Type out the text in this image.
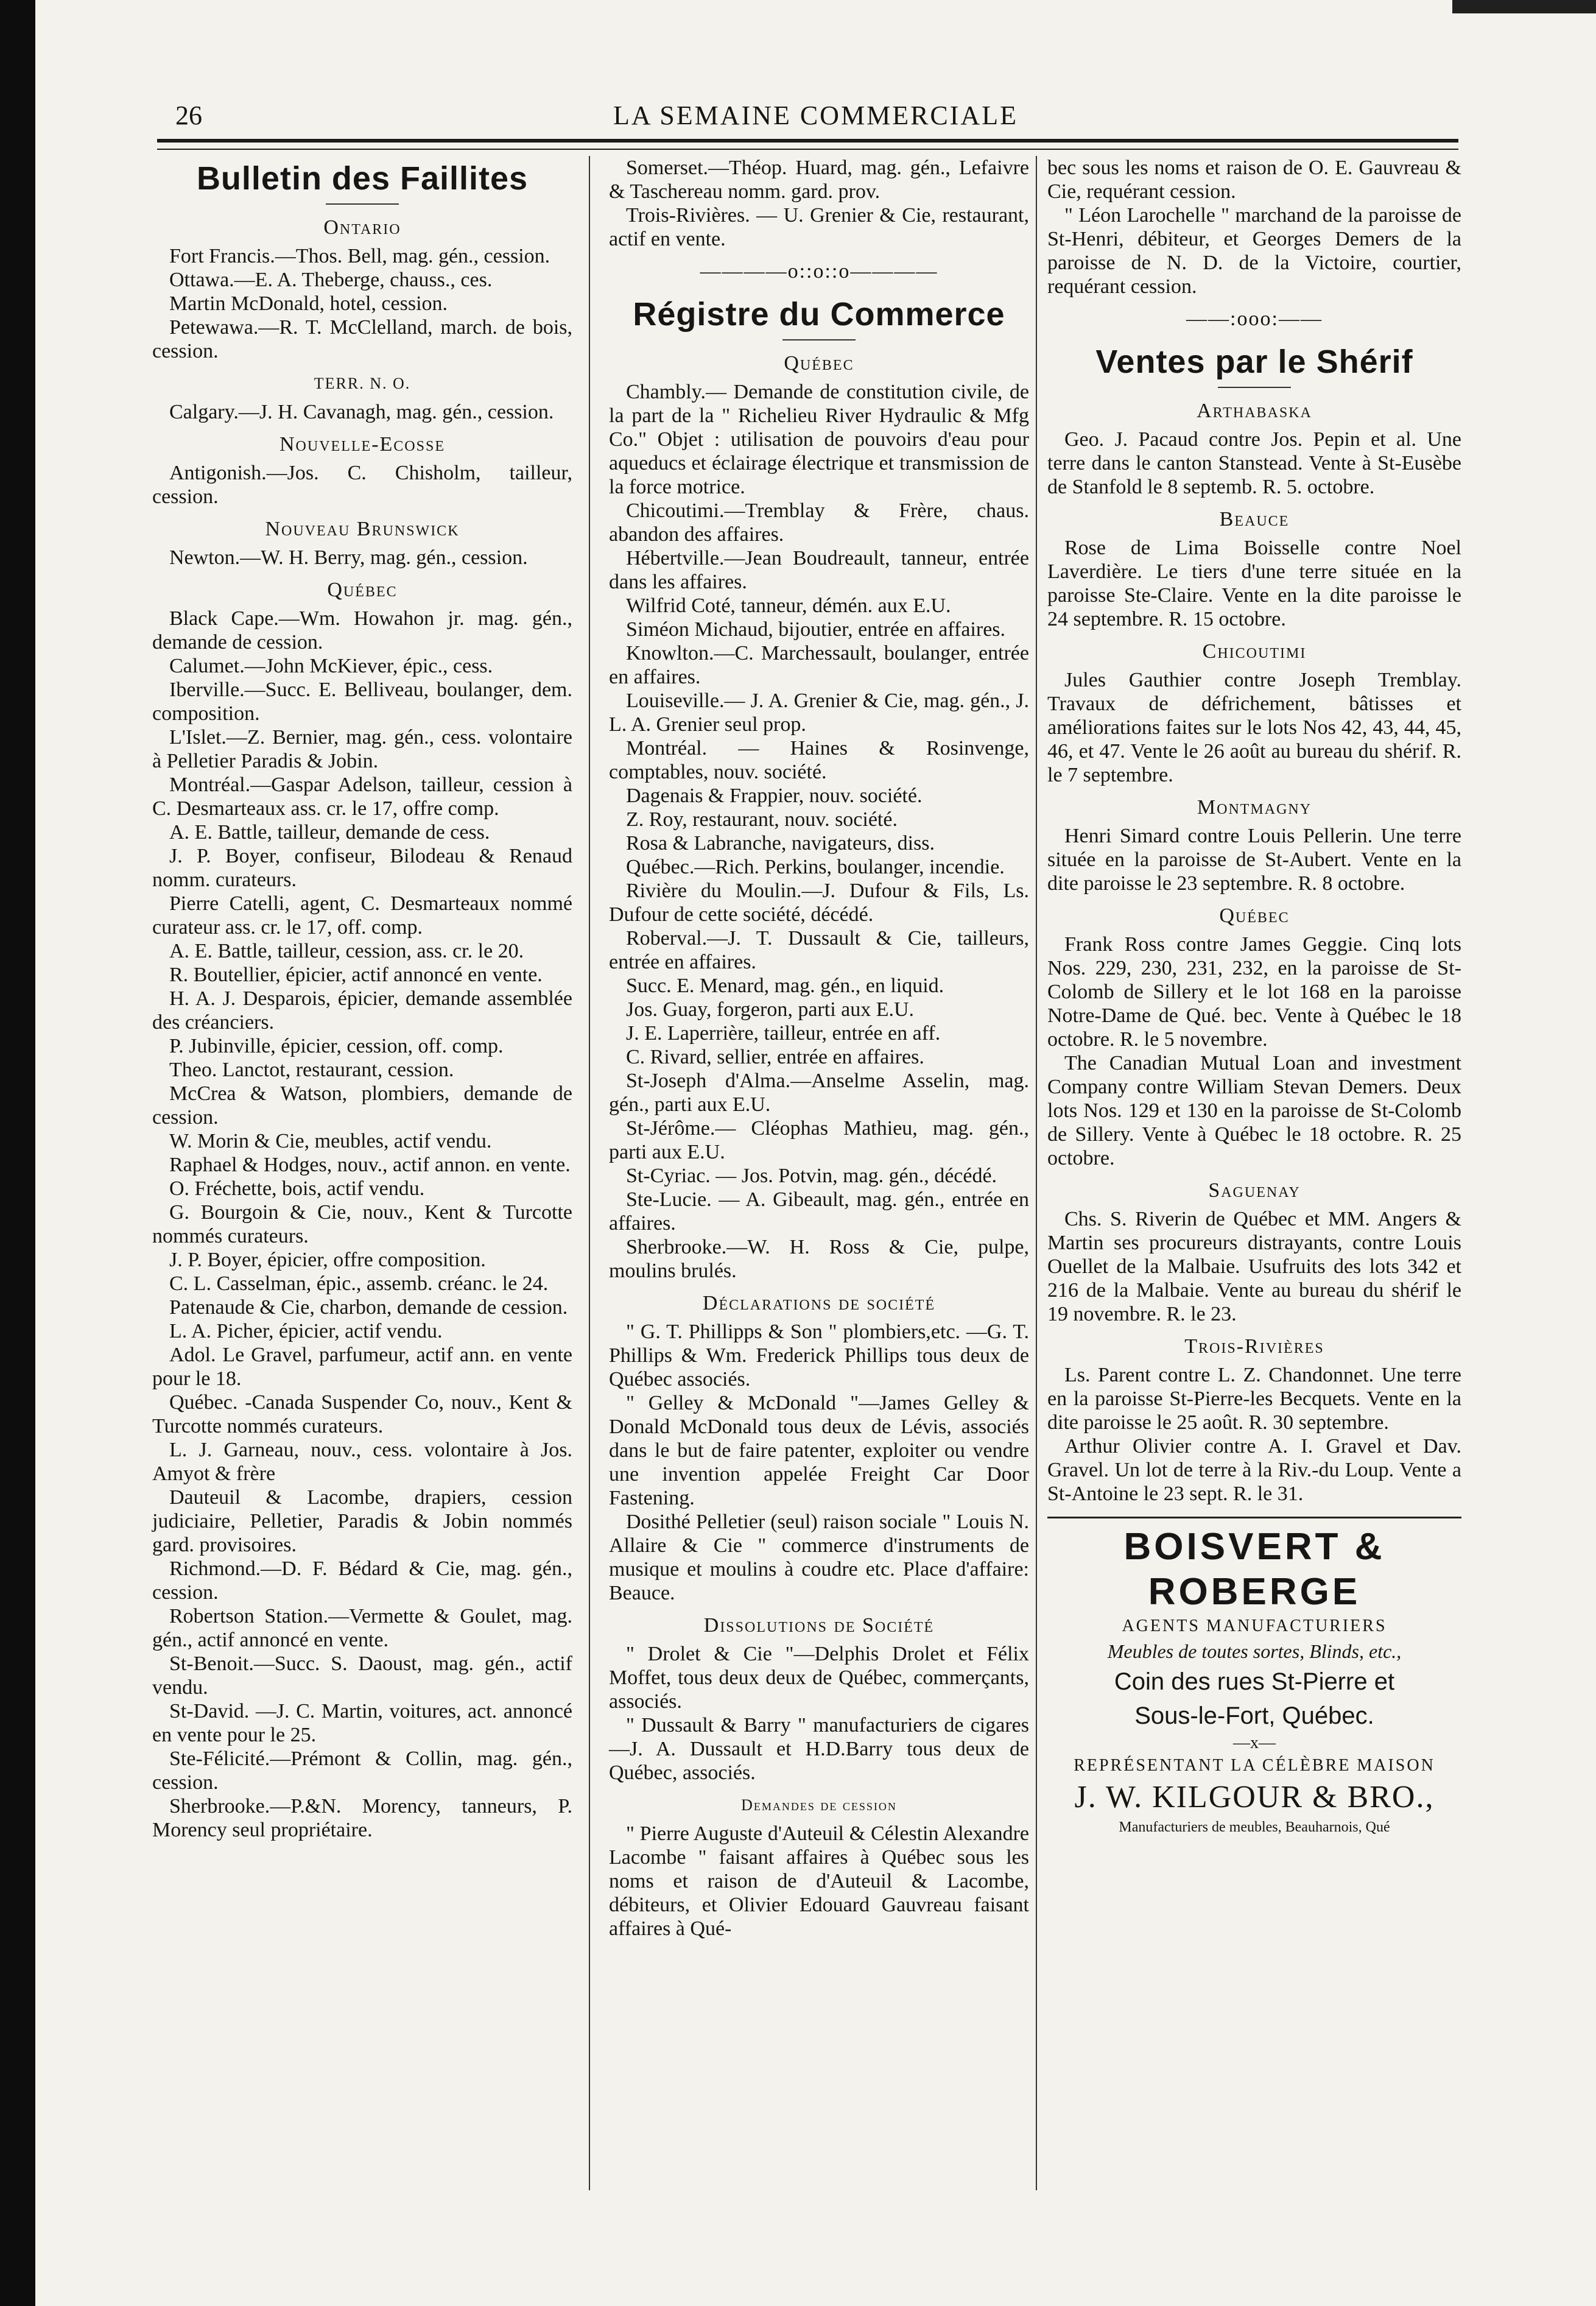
26	LA SEMAINE COMMERCIALE
Bulletin des Faillites
Ontario

Fort Francis.—Thos. Bell, mag. gén., cession.

Ottawa.—E. A. Theberge, chauss., ces.

Martin McDonald, hotel, cession.

Petewawa.—R. T. McClelland, march. de bois, cession.

TERR. N. O.

Calgary.—J. H. Cavanagh, mag. gén., cession.

Nouvelle-Ecosse

Antigonish.—Jos. C. Chisholm, tailleur, cession.

Nouveau Brunswick

Newton.—W. H. Berry, mag. gén., cession.

Québec

Black Cape.—Wm. Howahon jr. mag. gén., demande de cession.

Calumet.—John McKiever, épic., cess.

Iberville.—Succ. E. Belliveau, boulanger, dem. composition.

L'Islet.—Z. Bernier, mag. gén., cess. volontaire à Pelletier Paradis & Jobin.

Montréal.—Gaspar Adelson, tailleur, cession à C. Desmarteaux ass. cr. le 17, offre comp.

A. E. Battle, tailleur, demande de cess.

J. P. Boyer, confiseur, Bilodeau & Renaud nomm. curateurs.

Pierre Catelli, agent, C. Desmarteaux nommé curateur ass. cr. le 17, off. comp.

A. E. Battle, tailleur, cession, ass. cr. le 20.

R. Boutellier, épicier, actif annoncé en vente.

H. A. J. Desparois, épicier, demande assemblée des créanciers.

P. Jubinville, épicier, cession, off. comp.

Theo. Lanctot, restaurant, cession.

McCrea & Watson, plombiers, demande de cession.

W. Morin & Cie, meubles, actif vendu.

Raphael & Hodges, nouv., actif annon. en vente.

O. Fréchette, bois, actif vendu.

G. Bourgoin & Cie, nouv., Kent & Turcotte nommés curateurs.

J. P. Boyer, épicier, offre composition.

C. L. Casselman, épic., assemb. créanc. le 24.

Patenaude & Cie, charbon, demande de cession.

L. A. Picher, épicier, actif vendu.

Adol. Le Gravel, parfumeur, actif ann. en vente pour le 18.

Québec. -Canada Suspender Co, nouv., Kent & Turcotte nommés curateurs.

L. J. Garneau, nouv., cess. volontaire à Jos. Amyot & frère

Dauteuil & Lacombe, drapiers, cession judiciaire, Pelletier, Paradis & Jobin nommés gard. provisoires.

Richmond.—D. F. Bédard & Cie, mag. gén., cession.

Robertson Station.—Vermette & Goulet, mag. gén., actif annoncé en vente.

St-Benoit.—Succ. S. Daoust, mag. gén., actif vendu.

St-David. —J. C. Martin, voitures, act. annoncé en vente pour le 25.

Ste-Félicité.—Prémont & Collin, mag. gén., cession.

Sherbrooke.—P.&N. Morency, tanneurs, P. Morency seul propriétaire.

Somerset.—Théop. Huard, mag. gén., Lefaivre & Taschereau nomm. gard. prov.

Trois-Rivières. — U. Grenier & Cie, restaurant, actif en vente.

————o::o::o————
Régistre du Commerce
Québec

Chambly.— Demande de constitution civile, de la part de la " Richelieu River Hydraulic & Mfg Co." Objet : utilisation de pouvoirs d'eau pour aqueducs et éclairage électrique et transmission de la force motrice.

Chicoutimi.—Tremblay & Frère, chaus. abandon des affaires.

Hébertville.—Jean Boudreault, tanneur, entrée dans les affaires.

Wilfrid Coté, tanneur, démén. aux E.U.

Siméon Michaud, bijoutier, entrée en affaires.

Knowlton.—C. Marchessault, boulanger, entrée en affaires.

Louiseville.— J. A. Grenier & Cie, mag. gén., J. L. A. Grenier seul prop.

Montréal. — Haines & Rosinvenge, comptables, nouv. société.

Dagenais & Frappier, nouv. société.

Z. Roy, restaurant, nouv. société.

Rosa & Labranche, navigateurs, diss.

Québec.—Rich. Perkins, boulanger, incendie.

Rivière du Moulin.—J. Dufour & Fils, Ls. Dufour de cette société, décédé.

Roberval.—J. T. Dussault & Cie, tailleurs, entrée en affaires.

Succ. E. Menard, mag. gén., en liquid.

Jos. Guay, forgeron, parti aux E.U.

J. E. Laperrière, tailleur, entrée en aff.

C. Rivard, sellier, entrée en affaires.

St-Joseph d'Alma.—Anselme Asselin, mag. gén., parti aux E.U.

St-Jérôme.— Cléophas Mathieu, mag. gén., parti aux E.U.

St-Cyriac. — Jos. Potvin, mag. gén., décédé.

Ste-Lucie. — A. Gibeault, mag. gén., entrée en affaires.

Sherbrooke.—W. H. Ross & Cie, pulpe, moulins brulés.

Déclarations de société

" G. T. Phillipps & Son " plombiers,etc. —G. T. Phillips & Wm. Frederick Phillips tous deux de Québec associés.

" Gelley & McDonald "—James Gelley & Donald McDonald tous deux de Lévis, associés dans le but de faire patenter, exploiter ou vendre une invention appelée Freight Car Door Fastening.

Dosithé Pelletier (seul) raison sociale " Louis N. Allaire & Cie " commerce d'instruments de musique et moulins à coudre etc. Place d'affaire: Beauce.

Dissolutions de Société

" Drolet & Cie "—Delphis Drolet et Félix Moffet, tous deux deux de Québec, commerçants, associés.

" Dussault & Barry " manufacturiers de cigares—J. A. Dussault et H.D.Barry tous deux de Québec, associés.

Demandes de cession

" Pierre Auguste d'Auteuil & Célestin Alexandre Lacombe " faisant affaires à Québec sous les noms et raison de d'Auteuil & Lacombe, débiteurs, et Olivier Edouard Gauvreau faisant affaires à Qué-

bec sous les noms et raison de O. E. Gauvreau & Cie, requérant cession.

" Léon Larochelle " marchand de la paroisse de St-Henri, débiteur, et Georges Demers de la paroisse de N. D. de la Victoire, courtier, requérant cession.

——:ooo:——
Ventes par le Shérif
Arthabaska

Geo. J. Pacaud contre Jos. Pepin et al. Une terre dans le canton Stanstead. Vente à St-Eusèbe de Stanfold le 8 septemb. R. 5. octobre.

Beauce

Rose de Lima Boisselle contre Noel Laverdière. Le tiers d'une terre située en la paroisse Ste-Claire. Vente en la dite paroisse le 24 septembre. R. 15 octobre.

Chicoutimi

Jules Gauthier contre Joseph Tremblay. Travaux de défrichement, bâtisses et améliorations faites sur le lots Nos 42, 43, 44, 45, 46, et 47. Vente le 26 août au bureau du shérif. R. le 7 septembre.

Montmagny

Henri Simard contre Louis Pellerin. Une terre située en la paroisse de St-Aubert. Vente en la dite paroisse le 23 septembre. R. 8 octobre.

Québec

Frank Ross contre James Geggie. Cinq lots Nos. 229, 230, 231, 232, en la paroisse de St-Colomb de Sillery et le lot 168 en la paroisse Notre-Dame de Qué. bec. Vente à Québec le 18 octobre. R. le 5 novembre.

The Canadian Mutual Loan and investment Company contre William Stevan Demers. Deux lots Nos. 129 et 130 en la paroisse de St-Colomb de Sillery. Vente à Québec le 18 octobre. R. 25 octobre.

Saguenay

Chs. S. Riverin de Québec et MM. Angers & Martin ses procureurs distrayants, contre Louis Ouellet de la Malbaie. Usufruits des lots 342 et 216 de la Malbaie. Vente au bureau du shérif le 19 novembre. R. le 23.

Trois-Rivières

Ls. Parent contre L. Z. Chandonnet. Une terre en la paroisse St-Pierre-les Becquets. Vente en la dite paroisse le 25 août. R. 30 septembre.

Arthur Olivier contre A. I. Gravel et Dav. Gravel. Un lot de terre à la Riv.-du Loup. Vente a St-Antoine le 23 sept. R. le 31.

BOISVERT & ROBERGE
AGENTS MANUFACTURIERS
Meubles de toutes sortes, Blinds, etc.,
Coin des rues St-Pierre et
Sous-le-Fort, Québec.
—x—
REPRÉSENTANT LA CÉLÈBRE MAISON
J. W. KILGOUR & BRO.,
Manufacturiers de meubles, Beauharnois, Qué
